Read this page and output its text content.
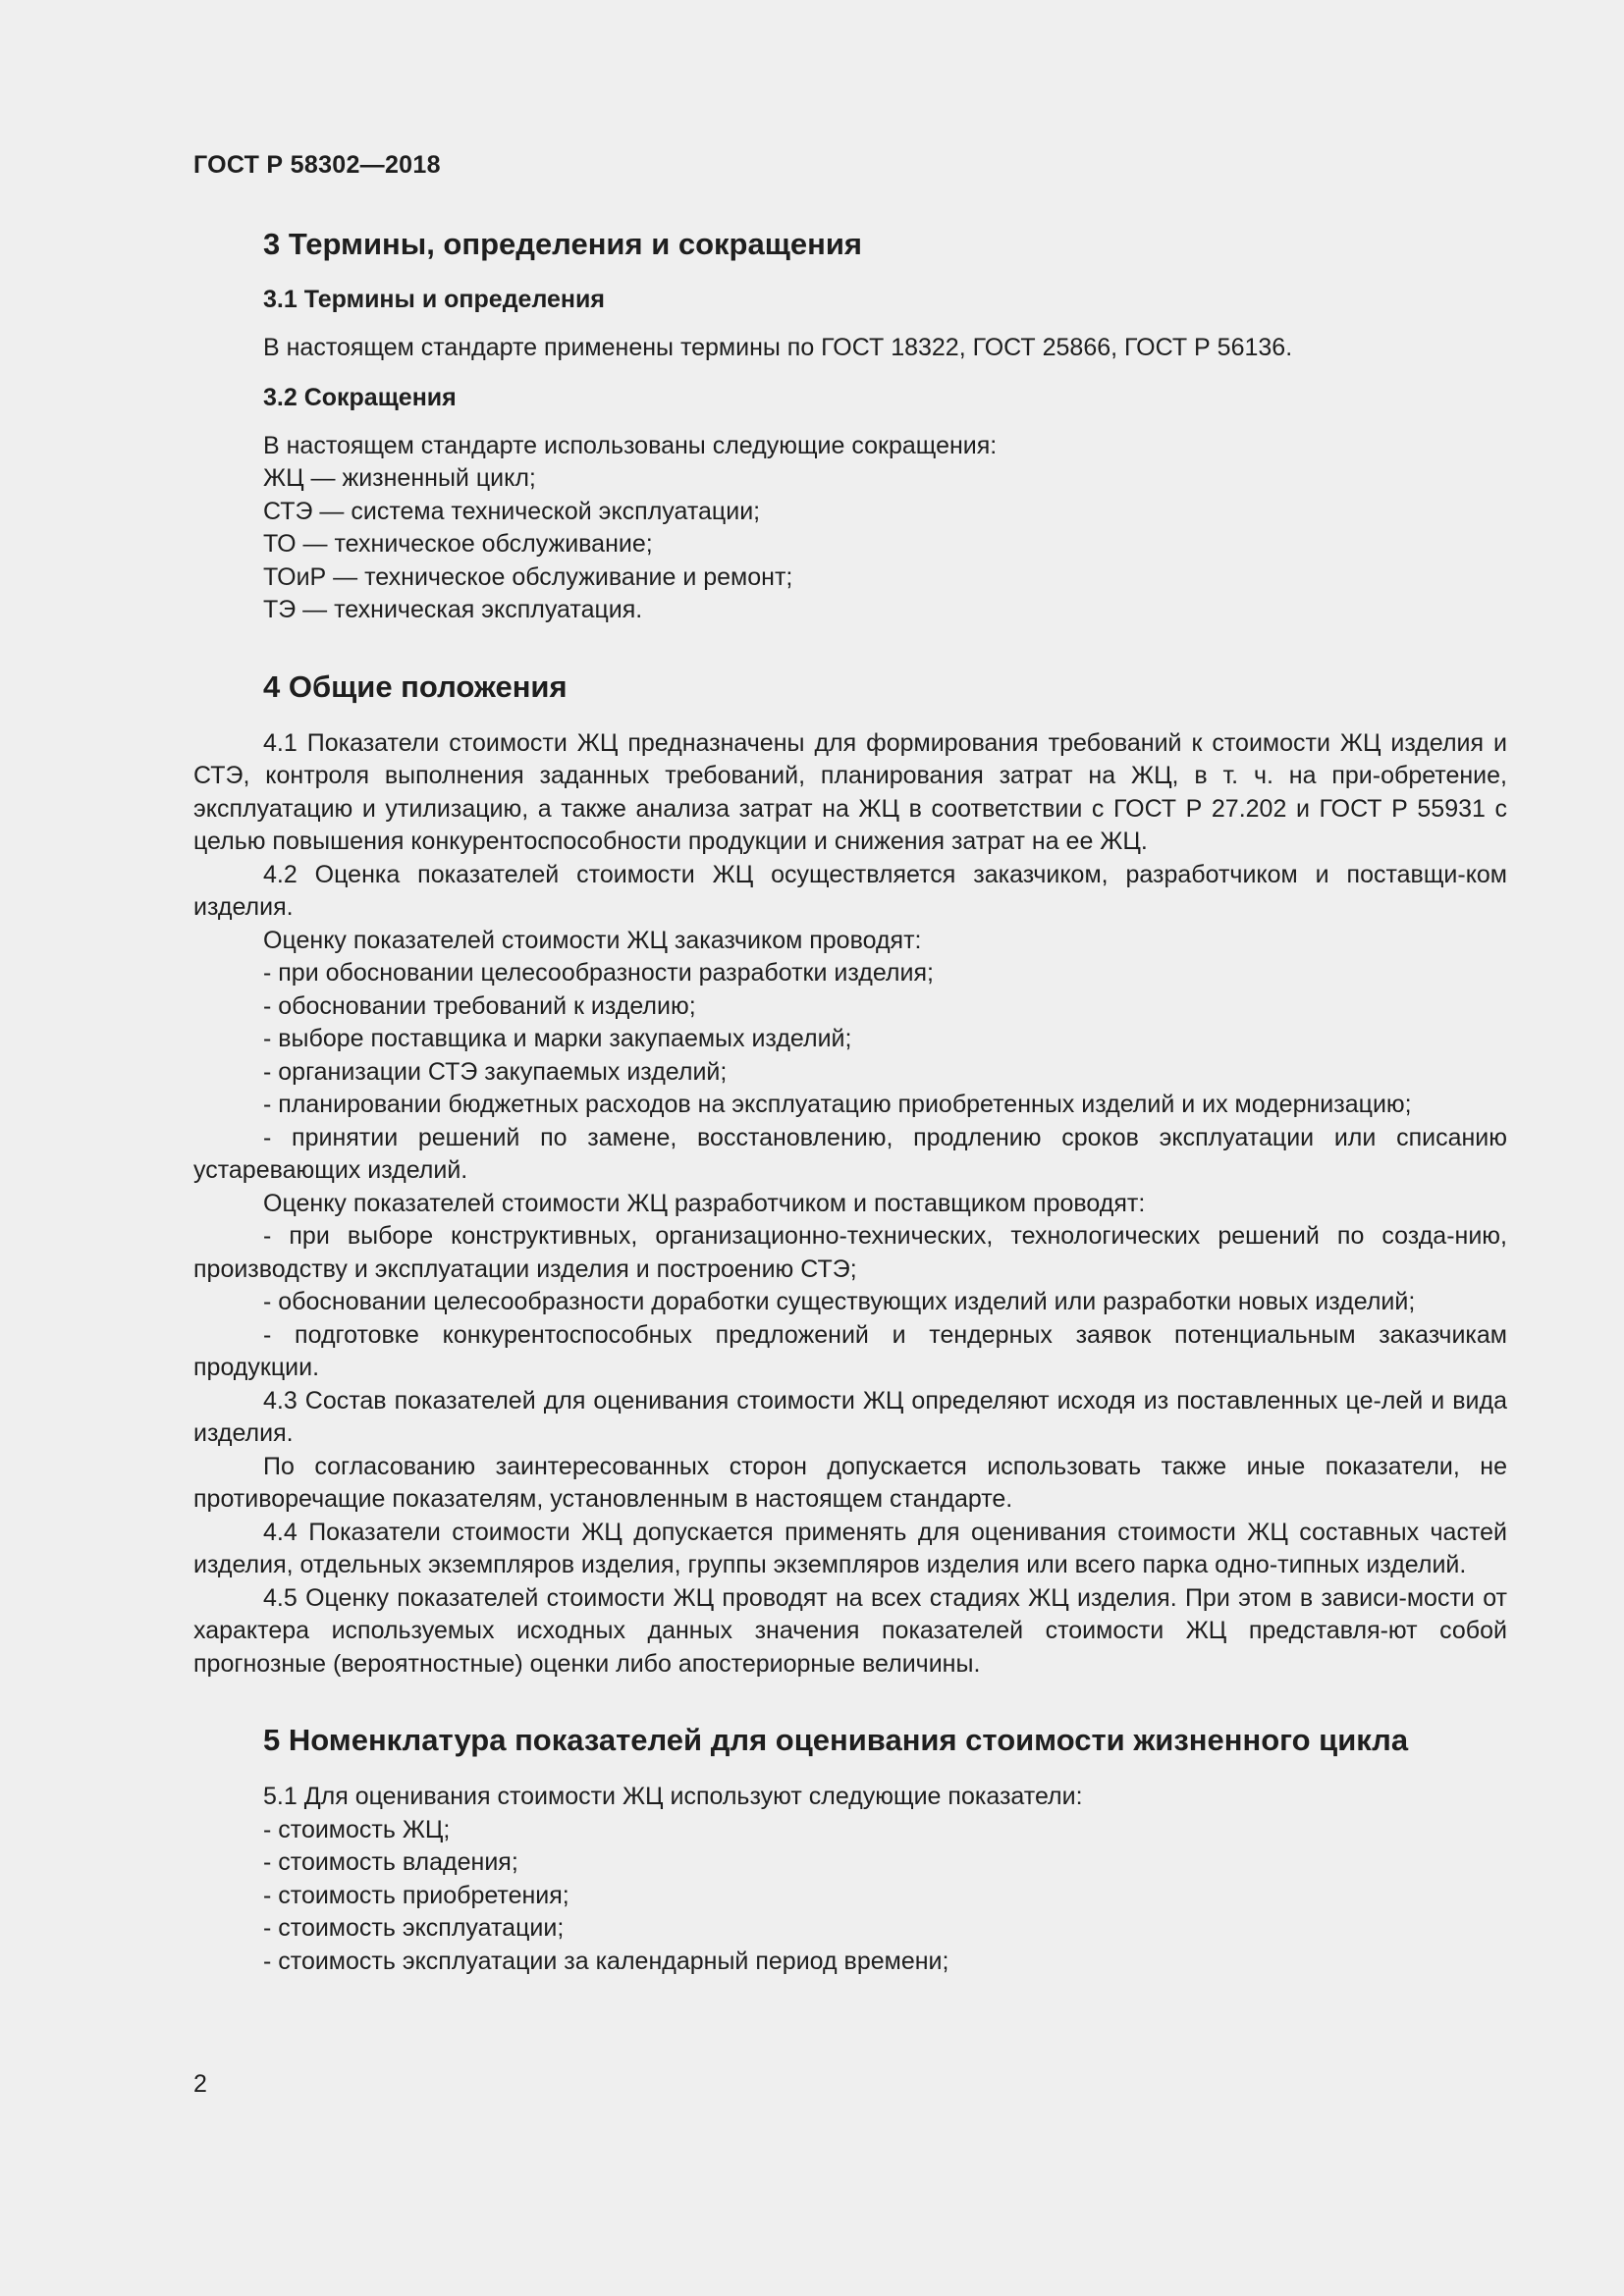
ГОСТ Р 58302—2018
3 Термины, определения и сокращения
3.1 Термины и определения
В настоящем стандарте применены термины по ГОСТ 18322, ГОСТ 25866, ГОСТ Р 56136.
3.2 Сокращения
В настоящем стандарте использованы следующие сокращения:
ЖЦ — жизненный цикл;
СТЭ — система технической эксплуатации;
ТО — техническое обслуживание;
ТОиР — техническое обслуживание и ремонт;
ТЭ — техническая эксплуатация.
4 Общие положения
4.1 Показатели стоимости ЖЦ предназначены для формирования требований к стоимости ЖЦ изделия и СТЭ, контроля выполнения заданных требований, планирования затрат на ЖЦ, в т. ч. на при-обретение, эксплуатацию и утилизацию, а также анализа затрат на ЖЦ в соответствии с ГОСТ Р 27.202 и ГОСТ Р 55931 с целью повышения конкурентоспособности продукции и снижения затрат на ее ЖЦ.
4.2 Оценка показателей стоимости ЖЦ осуществляется заказчиком, разработчиком и поставщи-ком изделия.
Оценку показателей стоимости ЖЦ заказчиком проводят:
- при обосновании целесообразности разработки изделия;
- обосновании требований к изделию;
- выборе поставщика и марки закупаемых изделий;
- организации СТЭ закупаемых изделий;
- планировании бюджетных расходов на эксплуатацию приобретенных изделий и их модернизацию;
- принятии решений по замене, восстановлению, продлению сроков эксплуатации или списанию устаревающих изделий.
Оценку показателей стоимости ЖЦ разработчиком и поставщиком проводят:
- при выборе конструктивных, организационно-технических, технологических решений по созда-нию, производству и эксплуатации изделия и построению СТЭ;
- обосновании целесообразности доработки существующих изделий или разработки новых изделий;
- подготовке конкурентоспособных предложений и тендерных заявок потенциальным заказчикам продукции.
4.3 Состав показателей для оценивания стоимости ЖЦ определяют исходя из поставленных це-лей и вида изделия.
По согласованию заинтересованных сторон допускается использовать также иные показатели, не противоречащие показателям, установленным в настоящем стандарте.
4.4 Показатели стоимости ЖЦ допускается применять для оценивания стоимости ЖЦ составных частей изделия, отдельных экземпляров изделия, группы экземпляров изделия или всего парка одно-типных изделий.
4.5 Оценку показателей стоимости ЖЦ проводят на всех стадиях ЖЦ изделия. При этом в зависи-мости от характера используемых исходных данных значения показателей стоимости ЖЦ представля-ют собой прогнозные (вероятностные) оценки либо апостериорные величины.
5 Номенклатура показателей для оценивания стоимости жизненного цикла
5.1 Для оценивания стоимости ЖЦ используют следующие показатели:
- стоимость ЖЦ;
- стоимость владения;
- стоимость приобретения;
- стоимость эксплуатации;
- стоимость эксплуатации за календарный период времени;
2
